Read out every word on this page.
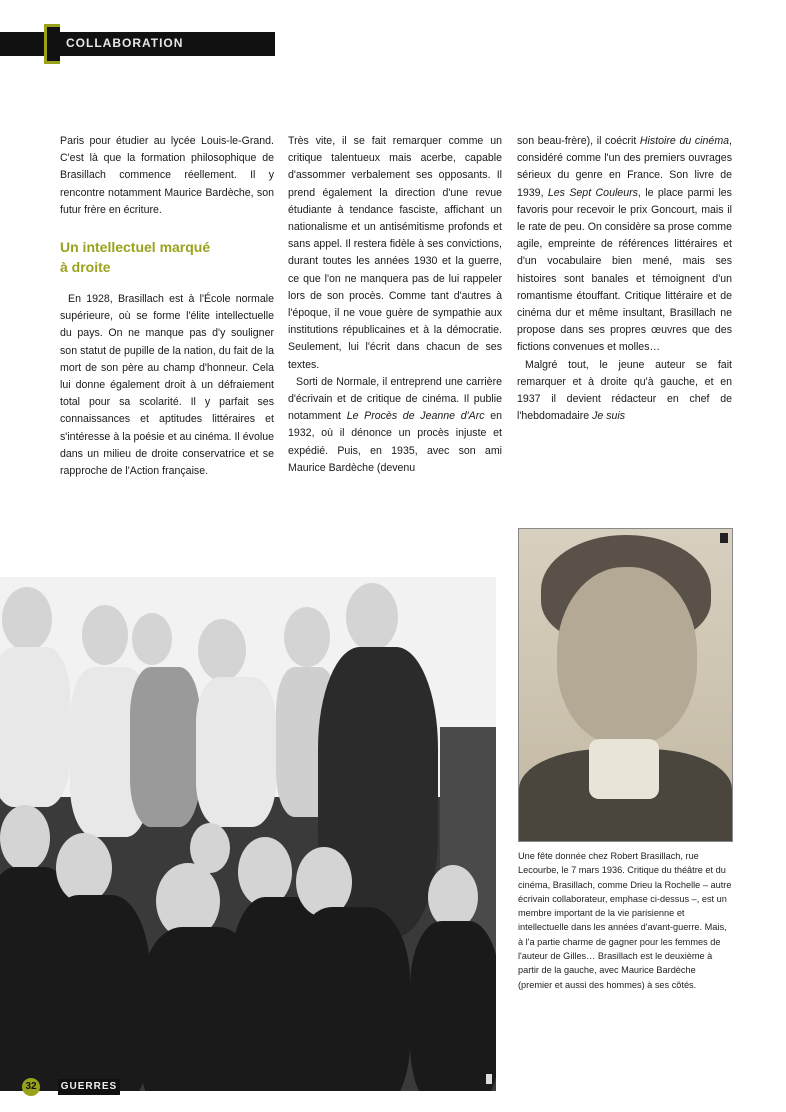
COLLABORATION

Paris pour étudier au lycée Louis-le-Grand. C'est là que la formation philosophique de Brasillach commence réellement. Il y rencontre notamment Maurice Bardèche, son futur frère en écriture.

Un intellectuel marqué
à droite

En 1928, Brasillach est à l'École normale supérieure, où se forme l'élite intellectuelle du pays. On ne manque pas d'y souligner son statut de pupille de la nation, du fait de la mort de son père au champ d'honneur. Cela lui donne également droit à un défraiement total pour sa scolarité. Il y parfait ses connaissances et aptitudes littéraires et s'intéresse à la poésie et au cinéma. Il évolue dans un milieu de droite conservatrice et se rapproche de l'Action française.

Très vite, il se fait remarquer comme un critique talentueux mais acerbe, capable d'assommer verbalement ses opposants. Il prend également la direction d'une revue étudiante à tendance fasciste, affichant un nationalisme et un antisémitisme profonds et sans appel. Il restera fidèle à ses convictions, durant toutes les années 1930 et la guerre, ce que l'on ne manquera pas de lui rappeler lors de son procès. Comme tant d'autres à l'époque, il ne voue guère de sympathie aux institutions républicaines et à la démocratie. Seulement, lui l'écrit dans chacun de ses textes.

Sorti de Normale, il entreprend une carrière d'écrivain et de critique de cinéma. Il publie notamment Le Procès de Jeanne d'Arc en 1932, où il dénonce un procès injuste et expédié. Puis, en 1935, avec son ami Maurice Bardèche (devenu

son beau-frère), il coécrit Histoire du cinéma, considéré comme l'un des premiers ouvrages sérieux du genre en France. Son livre de 1939, Les Sept Couleurs, le place parmi les favoris pour recevoir le prix Goncourt, mais il le rate de peu. On considère sa prose comme agile, empreinte de références littéraires et d'un vocabulaire bien mené, mais ses histoires sont banales et témoignent d'un romantisme étouffant. Critique littéraire et de cinéma dur et même insultant, Brasillach ne propose dans ses propres œuvres que des fictions convenues et molles…

Malgré tout, le jeune auteur se fait remarquer et à droite qu'à gauche, et en 1937 il devient rédacteur en chef de l'hebdomadaire Je suis

Une fête donnée chez Robert Brasillach, rue Lecourbe, le 7 mars 1936. Critique du théâtre et du cinéma, Brasillach, comme Drieu la Rochelle – autre écrivain collaborateur, emphase ci-dessus –, est un membre important de la vie parisienne et intellectuelle dans les années d'avant-guerre. Mais, à l'a partie charme de gagner pour les femmes de l'auteur de Gilles… Brasillach est le deuxième à partir de la gauche, avec Maurice Bardèche (premier et aussi des hommes) à ses côtés.
32	GUERRES
